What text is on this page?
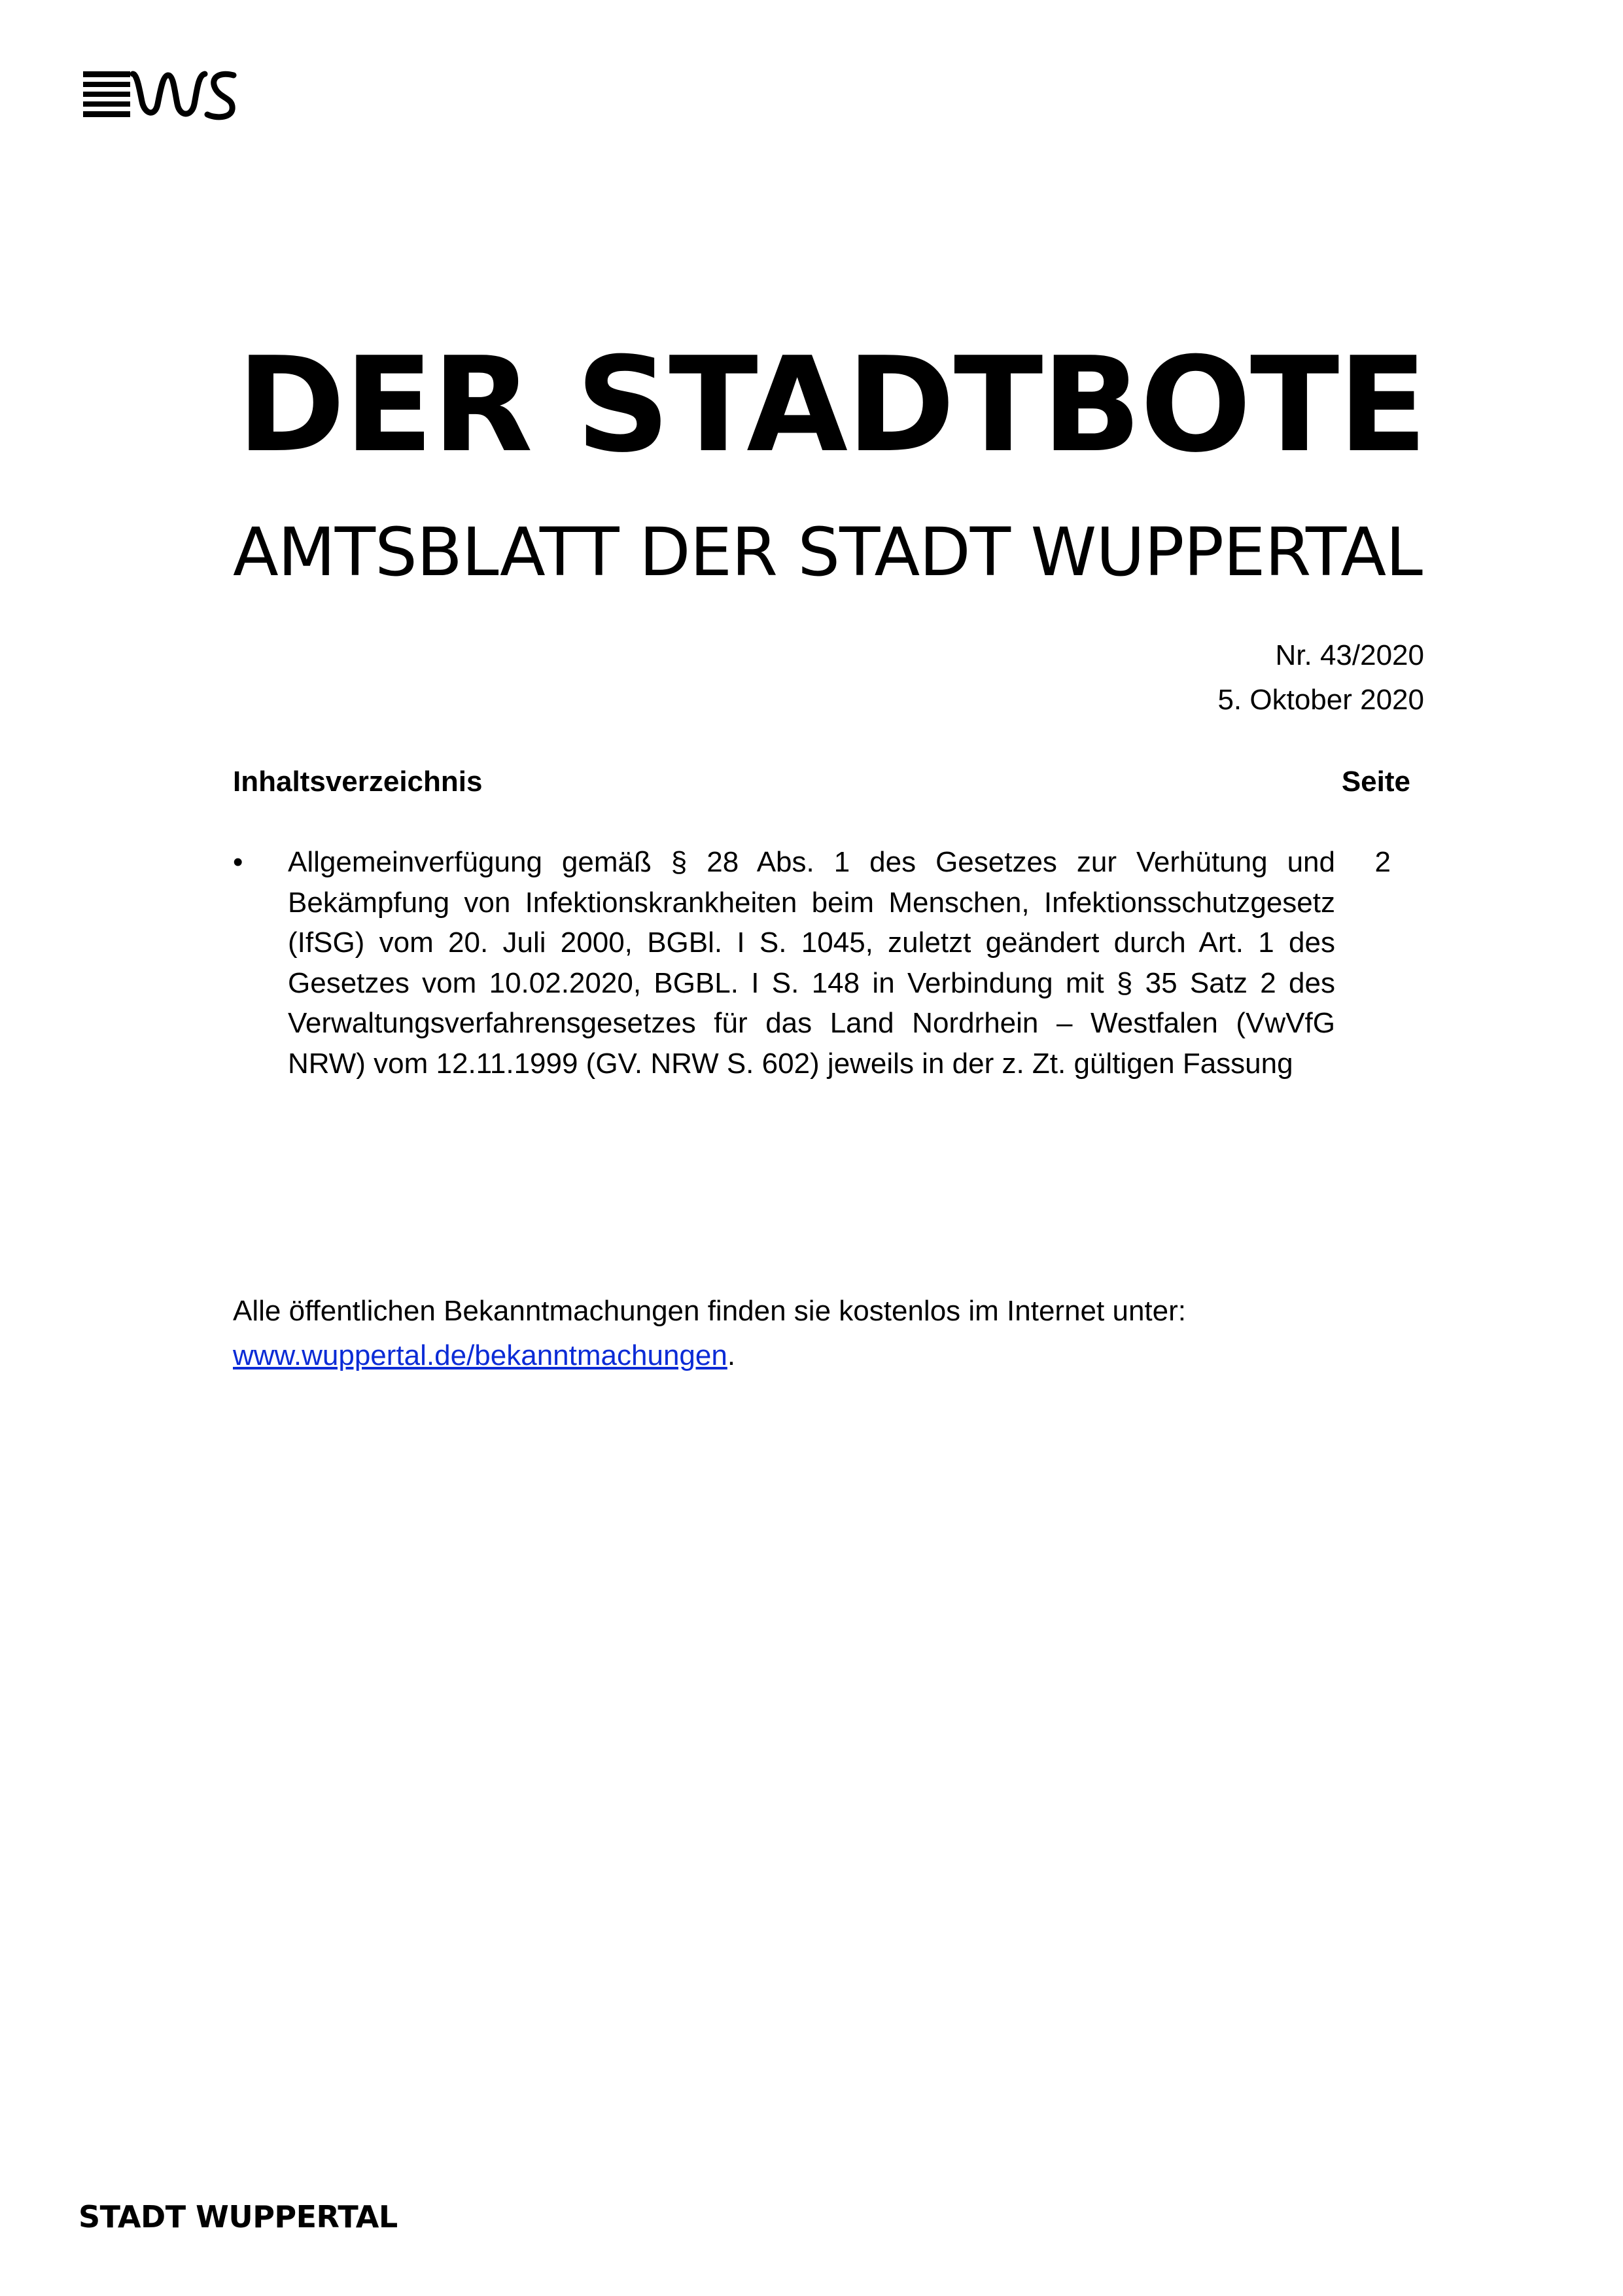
DER STADTBOTE
AMTSBLATT DER STADT WUPPERTAL
Nr. 43/2020
5. Oktober 2020
Inhaltsverzeichnis	Seite
•	Allgemeinverfügung gemäß § 28 Abs. 1 des Gesetzes zur Verhütung und Bekämpfung von Infektionskrankheiten beim Menschen, Infektionsschutzgesetz (IfSG) vom 20. Juli 2000, BGBl. I S. 1045, zuletzt geändert durch Art. 1 des Gesetzes vom 10.02.2020, BGBL. I S. 148 in Verbindung mit § 35 Satz 2 des Verwaltungsverfahrensgesetzes für das Land Nordrhein – Westfalen (VwVfG NRW) vom 12.11.1999 (GV. NRW S. 602) jeweils in der z. Zt. gültigen Fassung
2
Alle öffentlichen Bekanntmachungen finden sie kostenlos im Internet unter:
www.wuppertal.de/bekanntmachungen.
STADT WUPPERTAL
